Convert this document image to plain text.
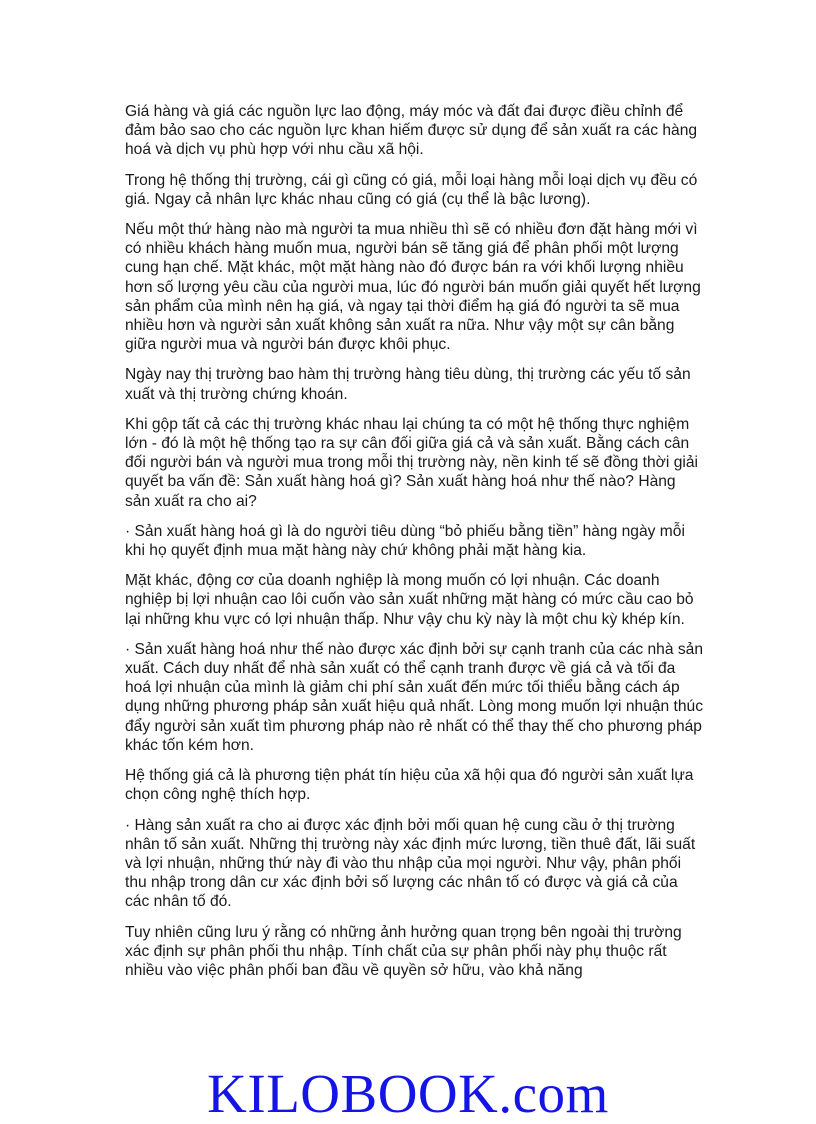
Giá hàng và giá các nguồn lực lao động, máy móc và đất đai được điều chỉnh để đảm bảo sao cho các nguồn lực khan hiếm được sử dụng để sản xuất ra các hàng hoá và dịch vụ phù hợp với nhu cầu xã hội.

Trong hệ thống thị trường, cái gì cũng có giá, mỗi loại hàng mỗi loại dịch vụ đều có giá. Ngay cả nhân lực khác nhau cũng có giá (cụ thể là bậc lương).

Nếu một thứ hàng nào mà người ta mua nhiều thì sẽ có nhiều đơn đặt hàng mới vì có nhiều khách hàng muốn mua, người bán sẽ tăng giá để phân phối một lượng cung hạn chế. Mặt khác, một mặt hàng nào đó được bán ra với khối lượng nhiều hơn số lượng yêu cầu của người mua, lúc đó người bán muốn giải quyết hết lượng sản phẩm của mình nên hạ giá, và ngay tại thời điểm hạ giá đó người ta sẽ mua nhiều hơn và người sản xuất không sản xuất ra nữa. Như vậy một sự cân bằng giữa người mua và người bán được khôi phục.

Ngày nay thị trường bao hàm thị trường hàng tiêu dùng, thị trường các yếu tố sản xuất và thị trường chứng khoán.

Khi gộp tất cả các thị trường khác nhau lại chúng ta có một hệ thống thực nghiệm lớn - đó là một hệ thống tạo ra sự cân đối giữa giá cả và sản xuất. Bằng cách cân đối người bán và người mua trong mỗi thị trường này, nền kinh tế sẽ đồng thời giải quyết ba vấn đề: Sản xuất hàng hoá gì? Sản xuất hàng hoá như thế nào? Hàng sản xuất ra cho ai?

· Sản xuất hàng hoá gì là do người tiêu dùng “bỏ phiếu bằng tiền” hàng ngày mỗi khi họ quyết định mua mặt hàng này chứ không phải mặt hàng kia.

Mặt khác, động cơ của doanh nghiệp là mong muốn có lợi nhuận. Các doanh nghiệp bị lợi nhuận cao lôi cuốn vào sản xuất những mặt hàng có mức cầu cao bỏ lại những khu vực có lợi nhuận thấp. Như vậy chu kỳ này là một chu kỳ khép kín.

· Sản xuất hàng hoá như thế nào được xác định bởi sự cạnh tranh của các nhà sản xuất. Cách duy nhất để nhà sản xuất có thể cạnh tranh được về giá cả và tối đa hoá lợi nhuận của mình là giảm chi phí sản xuất đến mức tối thiểu bằng cách áp dụng những phương pháp sản xuất hiệu quả nhất. Lòng mong muốn lợi nhuận thúc đẩy người sản xuất tìm phương pháp nào rẻ nhất có thể thay thế cho phương pháp khác tốn kém hơn.

Hệ thống giá cả là phương tiện phát tín hiệu của xã hội qua đó người sản xuất lựa chọn công nghệ thích hợp.

· Hàng sản xuất ra cho ai được xác định bởi mối quan hệ cung cầu ở thị trường nhân tố sản xuất. Những thị trường này xác định mức lương, tiền thuê đất, lãi suất và lợi nhuận, những thứ này đi vào thu nhập của mọi người. Như vậy, phân phối thu nhập trong dân cư xác định bởi số lượng các nhân tố có được và giá cả của các nhân tố đó.

Tuy nhiên cũng lưu ý rằng có những ảnh hưởng quan trọng bên ngoài thị trường xác định sự phân phối thu nhập. Tính chất của sự phân phối này phụ thuộc rất nhiều vào việc phân phối ban đầu về quyền sở hữu, vào khả năng

KILOBOOK.com
